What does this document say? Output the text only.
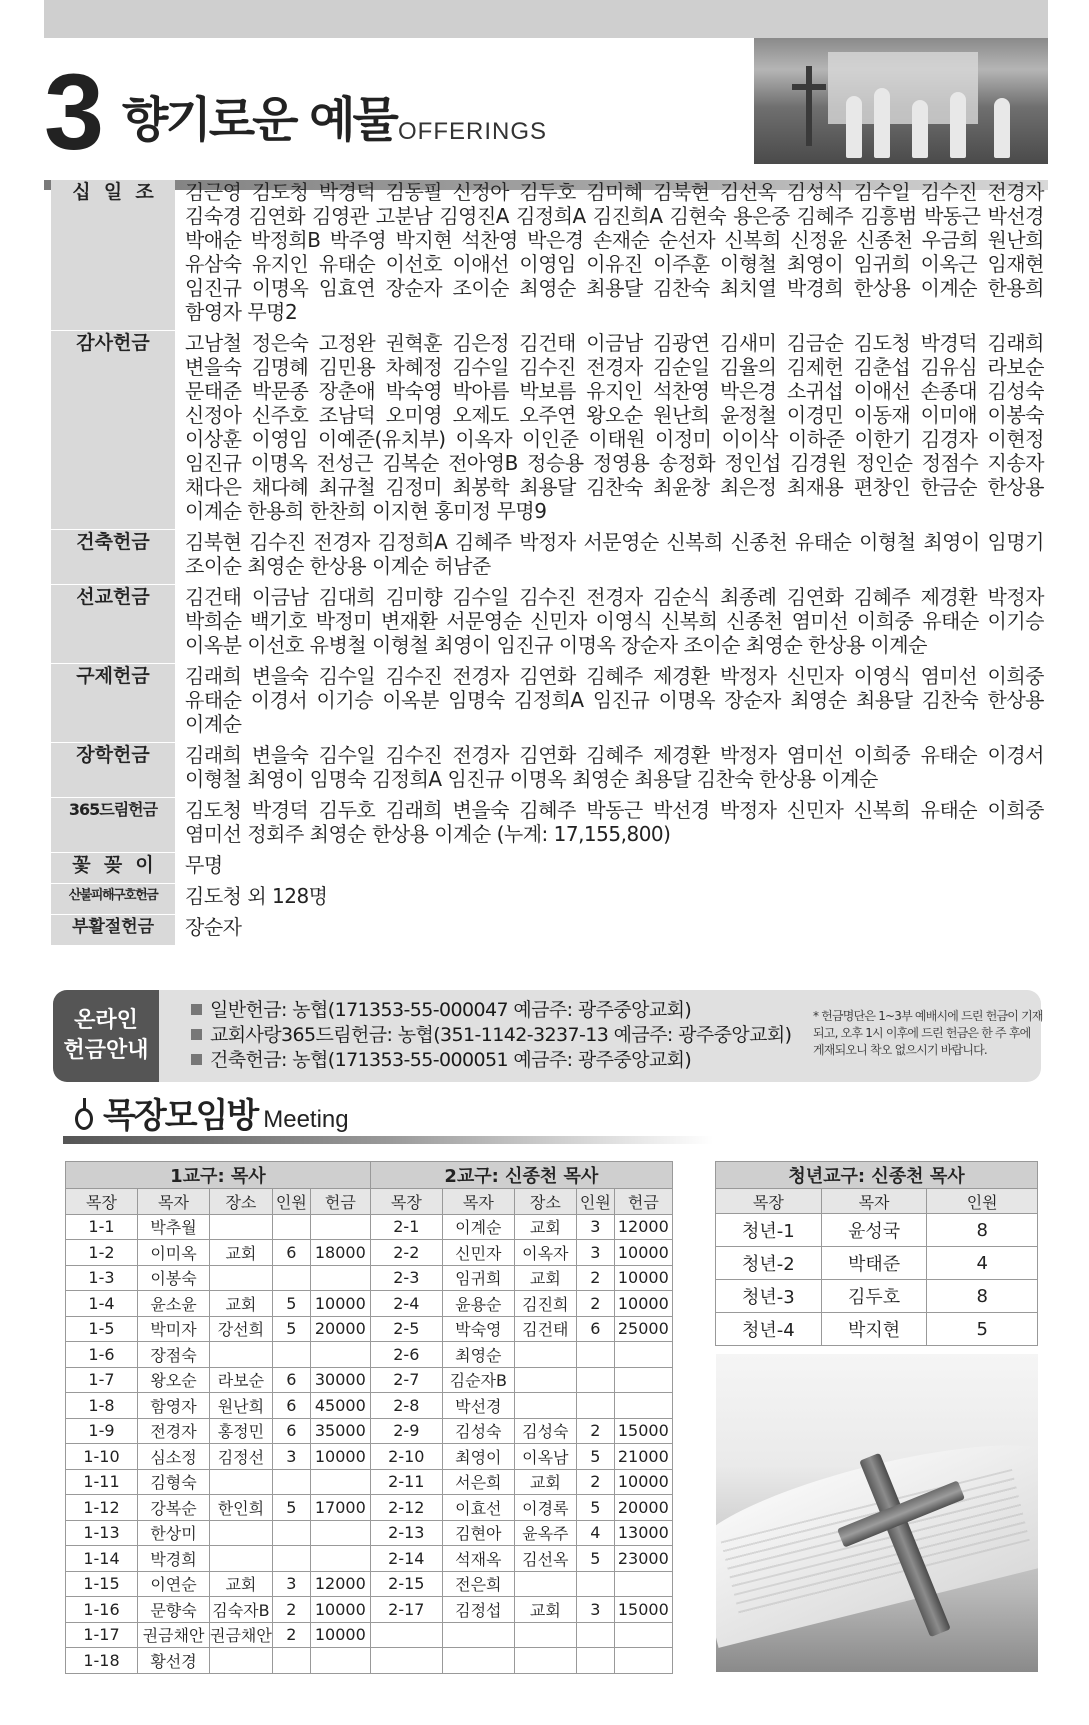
3 향기로운 예물 OFFERINGS
십  일  조	김근영 김도청 박경덕 김동필 신정아 김두호 김미혜 김북현 김선옥 김성식 김수일 김수진 전경자 김숙경 김연화 김영관 고분남 김영진A 김정희A 김진희A 김현숙 용은중 김혜주 김흥범 박동근 박선경 박애순 박정희B 박주영 박지현 석찬영 박은경 손재순 순선자 신복희 신정윤 신종천 우금희 원난희 유삼숙 유지인 유태순 이선호 이애선 이영임 이유진 이주훈 이형철 최영이 임귀희 이옥근 임재현 임진규 이명옥 임효연 장순자 조이순 최영순 최용달 김찬숙 최치열 박경희 한상용 이계순 한용희 함영자 무명2
감사헌금	고남철 정은숙 고정완 권혁훈 김은정 김건태 이금남 김광연 김새미 김금순 김도청 박경덕 김래희 변을숙 김명혜 김민용 차혜정 김수일 김수진 전경자 김순일 김율의 김제헌 김춘섭 김유심 라보순 문태준 박문종 장춘애 박숙영 박아름 박보름 유지인 석찬영 박은경 소귀섭 이애선 손종대 김성숙 신정아 신주호 조남덕 오미영 오제도 오주연 왕오순 원난희 윤정철 이경민 이동재 이미애 이봉숙 이상훈 이영임 이예준(유치부) 이옥자 이인준 이태원 이정미 이이삭 이하준 이한기 김경자 이현정 임진규 이명옥 전성근 김복순 전아영B 정승용 정영용 송정화 정인섭 김경원 정인순 정점수 지송자 채다은 채다혜 최규철 김정미 최봉학 최용달 김찬숙 최윤창 최은정 최재용 편창인 한금순 한상용 이계순 한용희 한찬희 이지현 홍미정 무명9
건축헌금	김북현 김수진 전경자 김정희A 김혜주 박정자 서문영순 신복희 신종천 유태순 이형철 최영이 임명기 조이순 최영순 한상용 이계순 허남준
선교헌금	김건태 이금남 김대희 김미향 김수일 김수진 전경자 김순식 최종례 김연화 김혜주 제경환 박정자 박희순 백기호 박정미 변재환 서문영순 신민자 이영식 신복희 신종천 염미선 이희중 유태순 이기승 이옥분 이선호 유병철 이형철 최영이 임진규 이명옥 장순자 조이순 최영순 한상용 이계순
구제헌금	김래희 변을숙 김수일 김수진 전경자 김연화 김혜주 제경환 박정자 신민자 이영식 염미선 이희중 유태순 이경서 이기승 이옥분 임명숙 김정희A 임진규 이명옥 장순자 최영순 최용달 김찬숙 한상용 이계순
장학헌금	김래희 변을숙 김수일 김수진 전경자 김연화 김혜주 제경환 박정자 염미선 이희중 유태순 이경서 이형철 최영이 임명숙 김정희A 임진규 이명옥 최영순 최용달 김찬숙 한상용 이계순
365드림헌금	김도청 박경덕 김두호 김래희 변을숙 김혜주 박동근 박선경 박정자 신민자 신복희 유태순 이희중 염미선 정회주 최영순 한상용 이계순 (누계: 17,155,800)
꽃  꽂  이	무명
산불피해구호헌금	김도청 외 128명
부활절헌금	장순자
온라인
헌금안내
일반헌금: 농협(171353-55-000047 예금주: 광주중앙교회)
교회사랑365드림헌금: 농협(351-1142-3237-13 예금주: 광주중앙교회)
건축헌금: 농협(171353-55-000051 예금주: 광주중앙교회)
* 헌금명단은 1~3부 예배시에 드린 헌금이 기재되고, 오후 1시 이후에 드린 헌금은 한 주 후에 게재되오니 착오 없으시기 바랍니다.
목장모임방 Meeting
1교구: 목사					2교구: 신종천 목사				
목장	목자	장소	인원	헌금	목장	목자	장소	인원	헌금
1-1	박추월				2-1	이계순	교회	3	12000
1-2	이미옥	교회	6	18000	2-2	신민자	이옥자	3	10000
1-3	이봉숙				2-3	임귀희	교회	2	10000
1-4	윤소윤	교회	5	10000	2-4	윤용순	김진희	2	10000
1-5	박미자	강선희	5	20000	2-5	박숙영	김건태	6	25000
1-6	장점숙				2-6	최영순			
1-7	왕오순	라보순	6	30000	2-7	김순자B			
1-8	함영자	원난희	6	45000	2-8	박선경			
1-9	전경자	홍정민	6	35000	2-9	김성숙	김성숙	2	15000
1-10	심소정	김정선	3	10000	2-10	최영이	이옥남	5	21000
1-11	김형숙				2-11	서은희	교회	2	10000
1-12	강복순	한인희	5	17000	2-12	이효선	이경록	5	20000
1-13	한상미				2-13	김현아	윤옥주	4	13000
1-14	박경희				2-14	석재옥	김선옥	5	23000
1-15	이연순	교회	3	12000	2-15	전은희			
1-16	문향숙	김숙자B	2	10000	2-17	김정섭	교회	3	15000
1-17	권금채안	권금채안	2	10000					
1-18	황선경								
청년교구: 신종천 목사		
목장	목자	인원
청년-1	윤성국	8
청년-2	박태준	4
청년-3	김두호	8
청년-4	박지현	5
